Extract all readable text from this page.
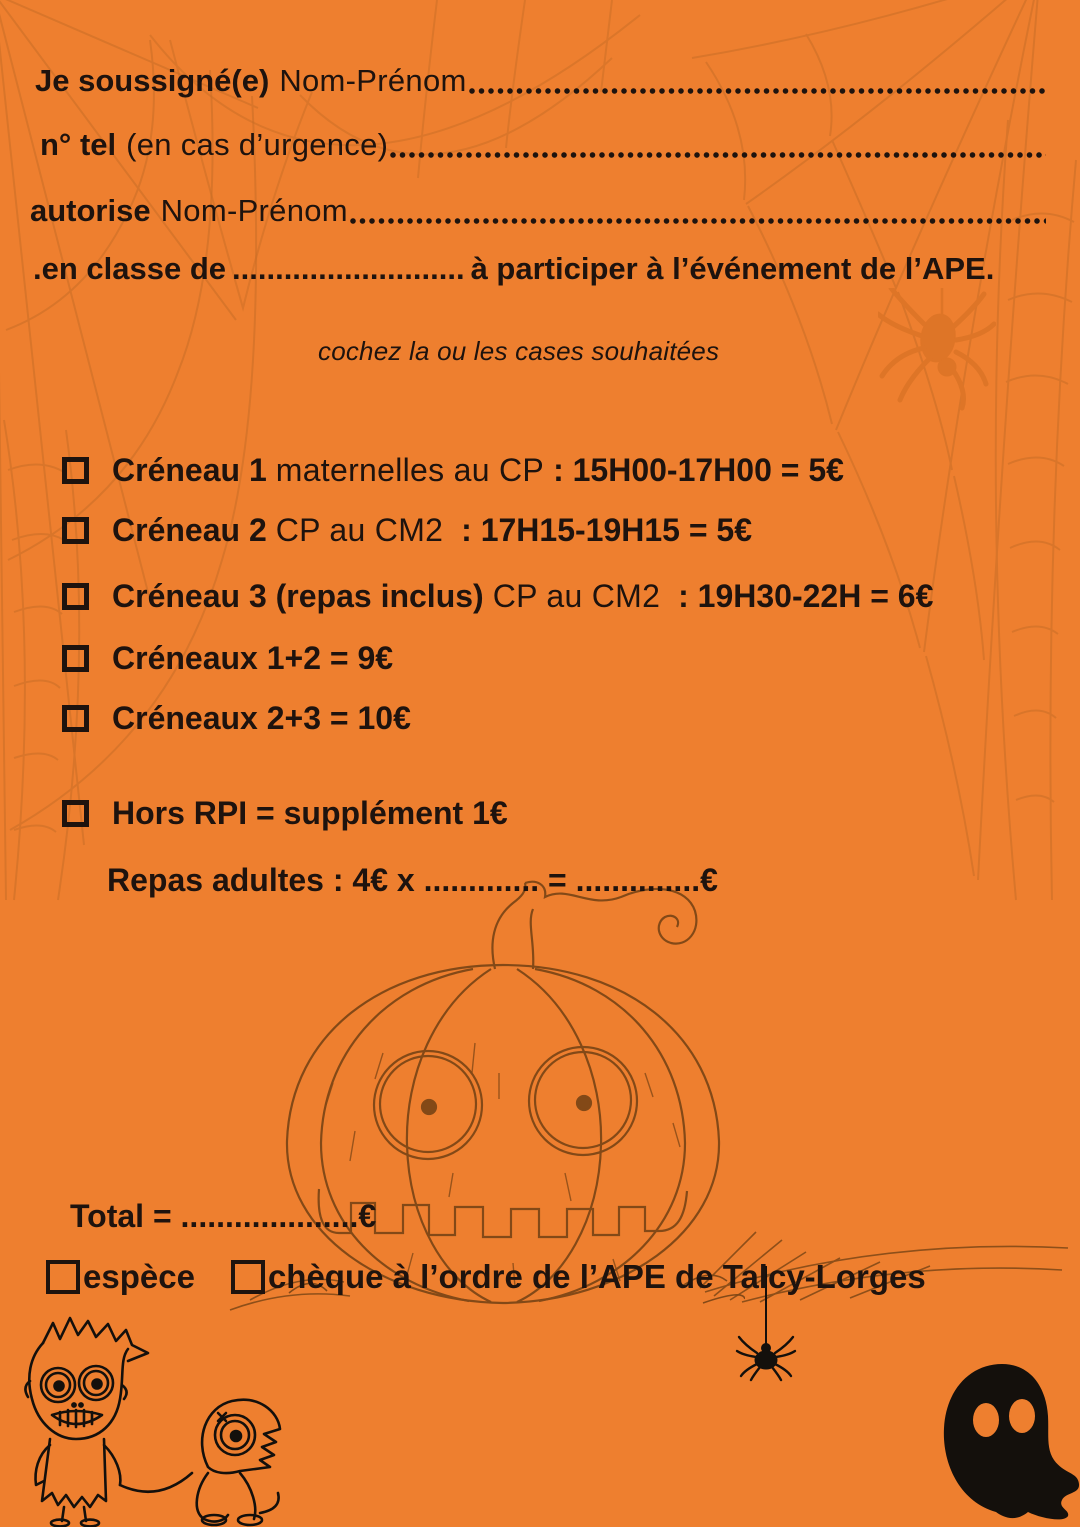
Je soussigné(e) Nom-Prénom
n° tel (en cas d’urgence)
autorise Nom-Prénom
.en classe de ........................... à participer à l’événement de l’APE.
cochez la ou les cases souhaitées
Créneau 1 maternelles au CP : 15H00-17H00 = 5€
Créneau 2 CP au CM2 : 17H15-19H15 = 5€
Créneau 3 (repas inclus) CP au CM2 : 19H30-22H = 6€
Créneaux 1+2 = 9€
Créneaux 2+3 = 10€
Hors RPI = supplément 1€
Repas adultes : 4€ x ............. = ..............€
Total = ....................€
espèce chèque à l’ordre de l’APE de Talcy-Lorges
